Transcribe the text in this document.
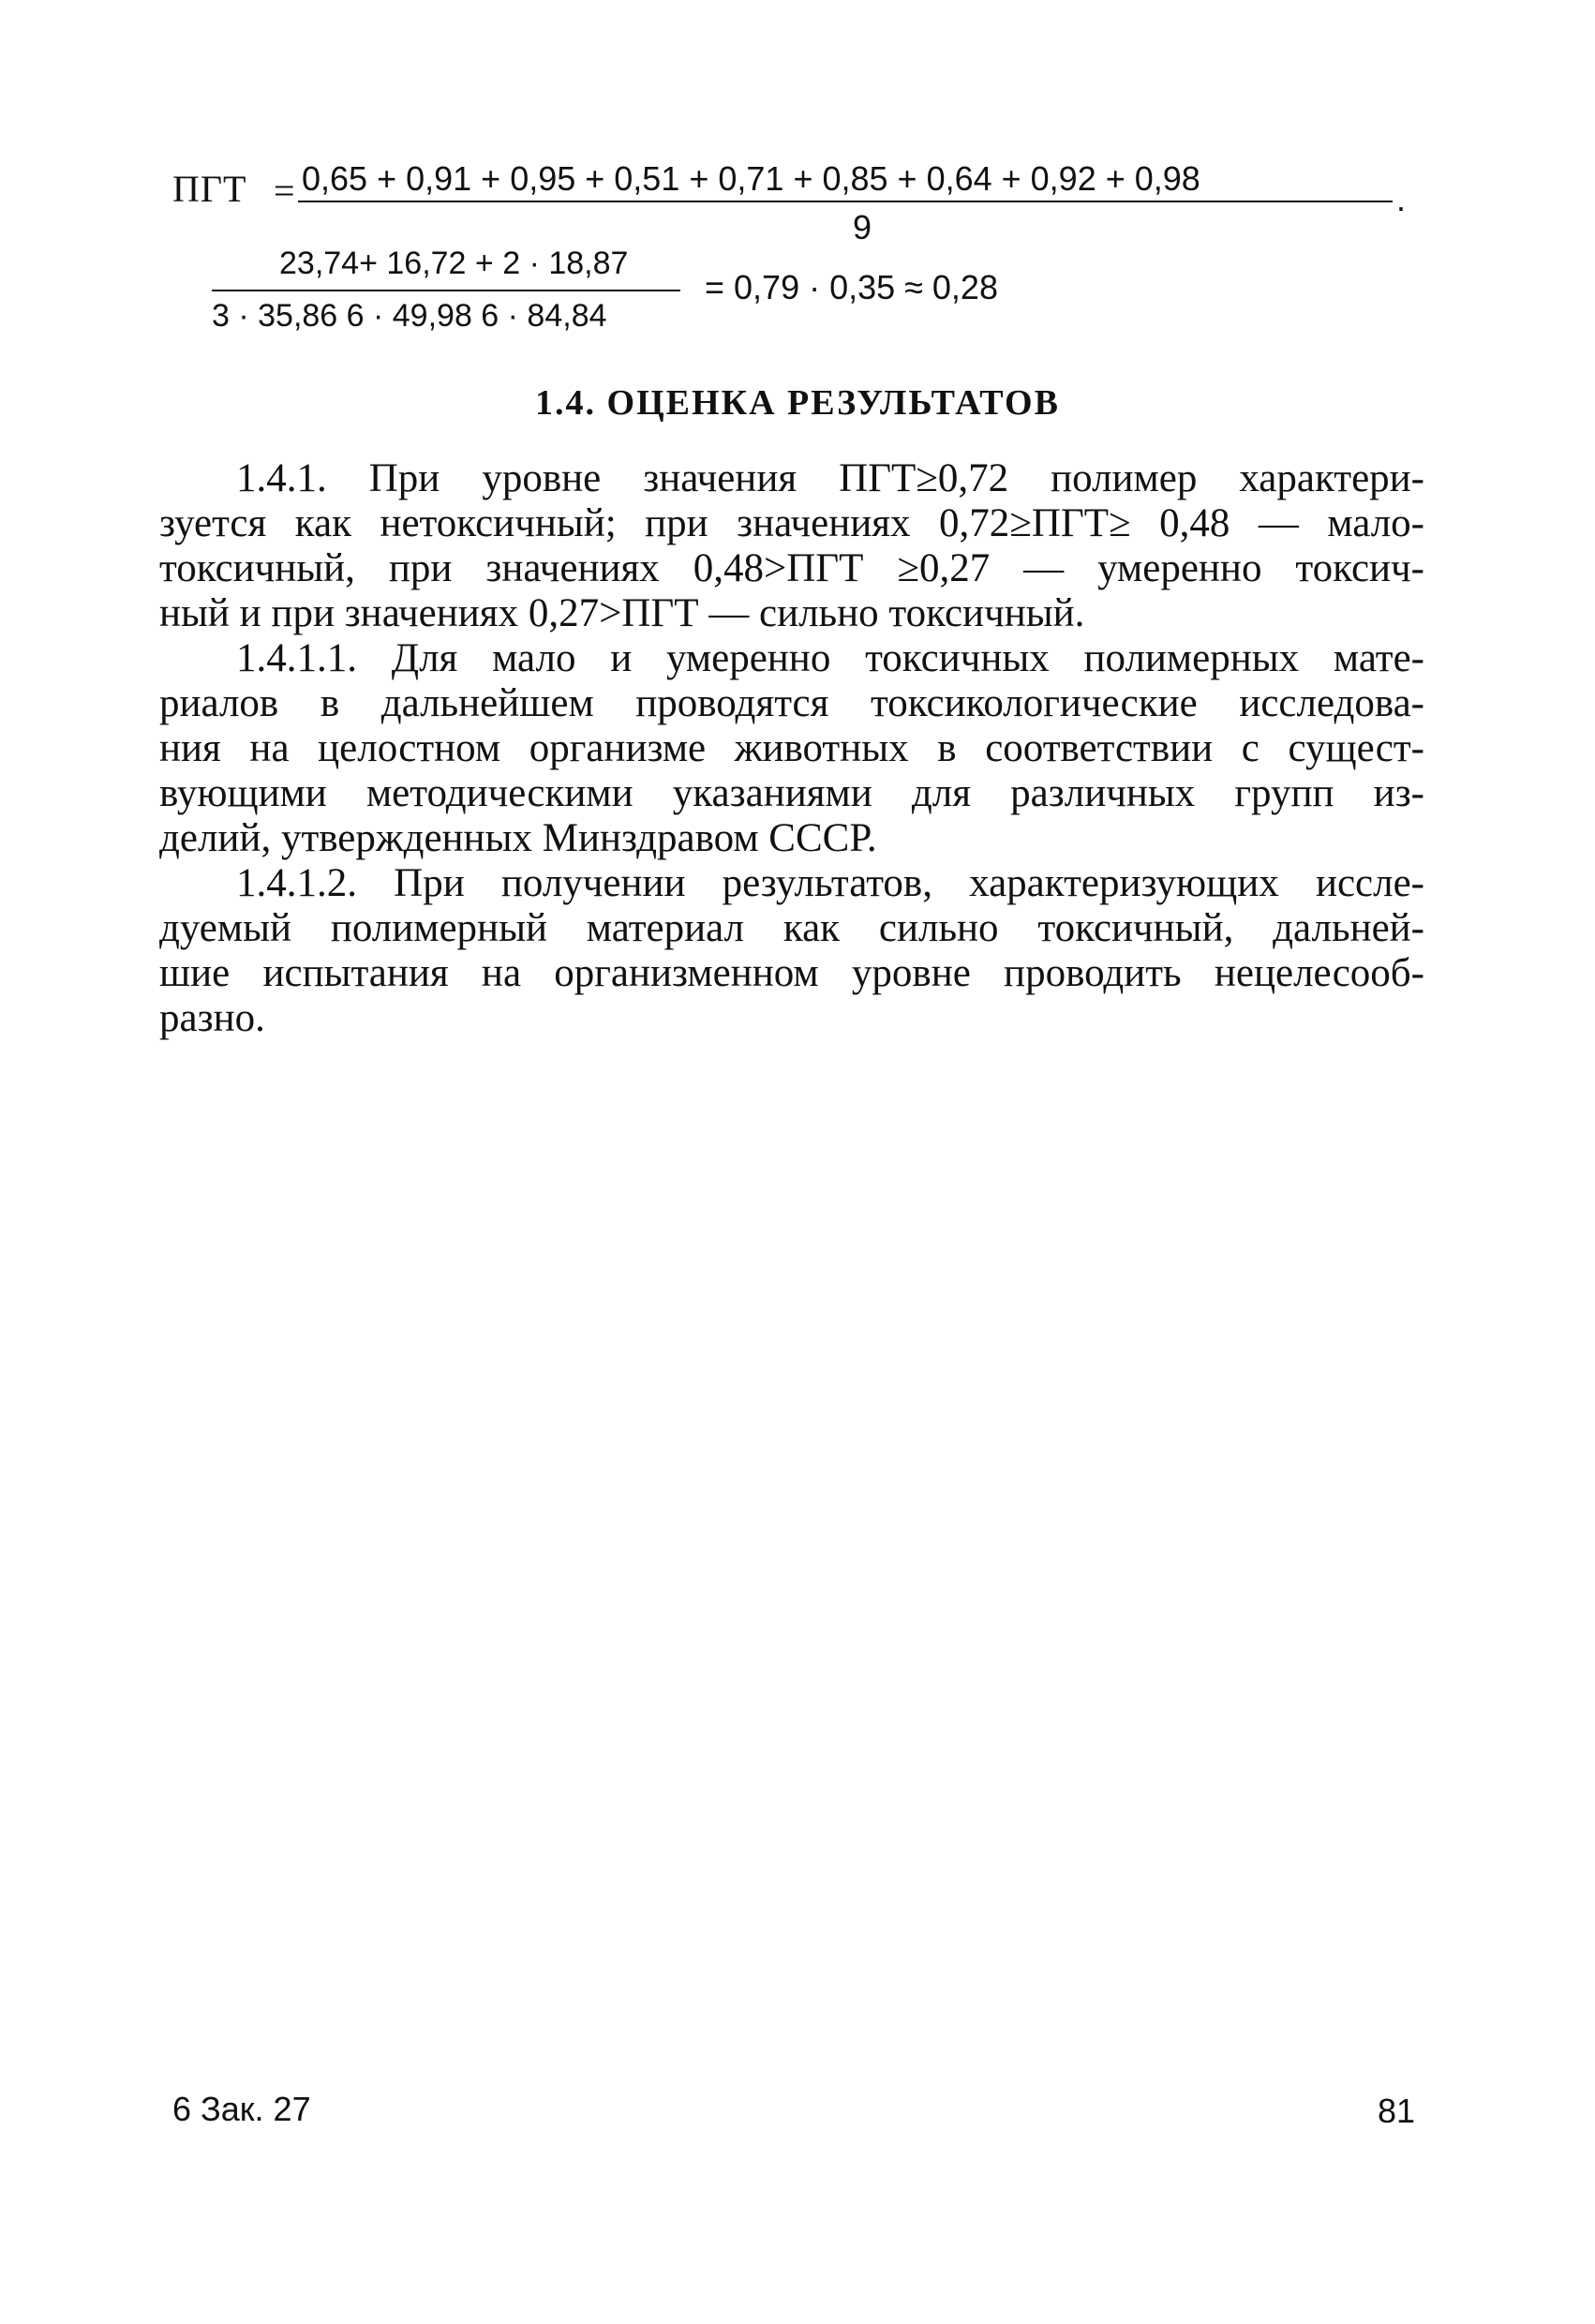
ПГТ = 0,65 + 0,91 + 0,95 + 0,51 + 0,71 + 0,85 + 0,64 + 0,92 + 0,98
.
9
23,74+ 16,72 + 2 · 18,87
3 · 35,86 6 · 49,98 6 · 84,84
= 0,79 · 0,35 ≈ 0,28
1.4. ОЦЕНКА РЕЗУЛЬТАТОВ
1.4.1. При уровне значения ПГТ≥0,72 полимер характери-
зуется как нетоксичный; при значениях 0,72≥ПГТ≥ 0,48 — мало-
токсичный, при значениях 0,48>ПГТ ≥0,27 — умеренно токсич-
ный и при значениях 0,27>ПГТ — сильно токсичный.
1.4.1.1. Для мало и умеренно токсичных полимерных мате-
риалов в дальнейшем проводятся токсикологические исследова-
ния на целостном организме животных в соответствии с сущест-
вующими методическими указаниями для различных групп из-
делий, утвержденных Минздравом СССР.
1.4.1.2. При получении результатов, характеризующих иссле-
дуемый полимерный материал как сильно токсичный, дальней-
шие испытания на организменном уровне проводить нецелесооб-
разно.
6 Зак. 27	81
